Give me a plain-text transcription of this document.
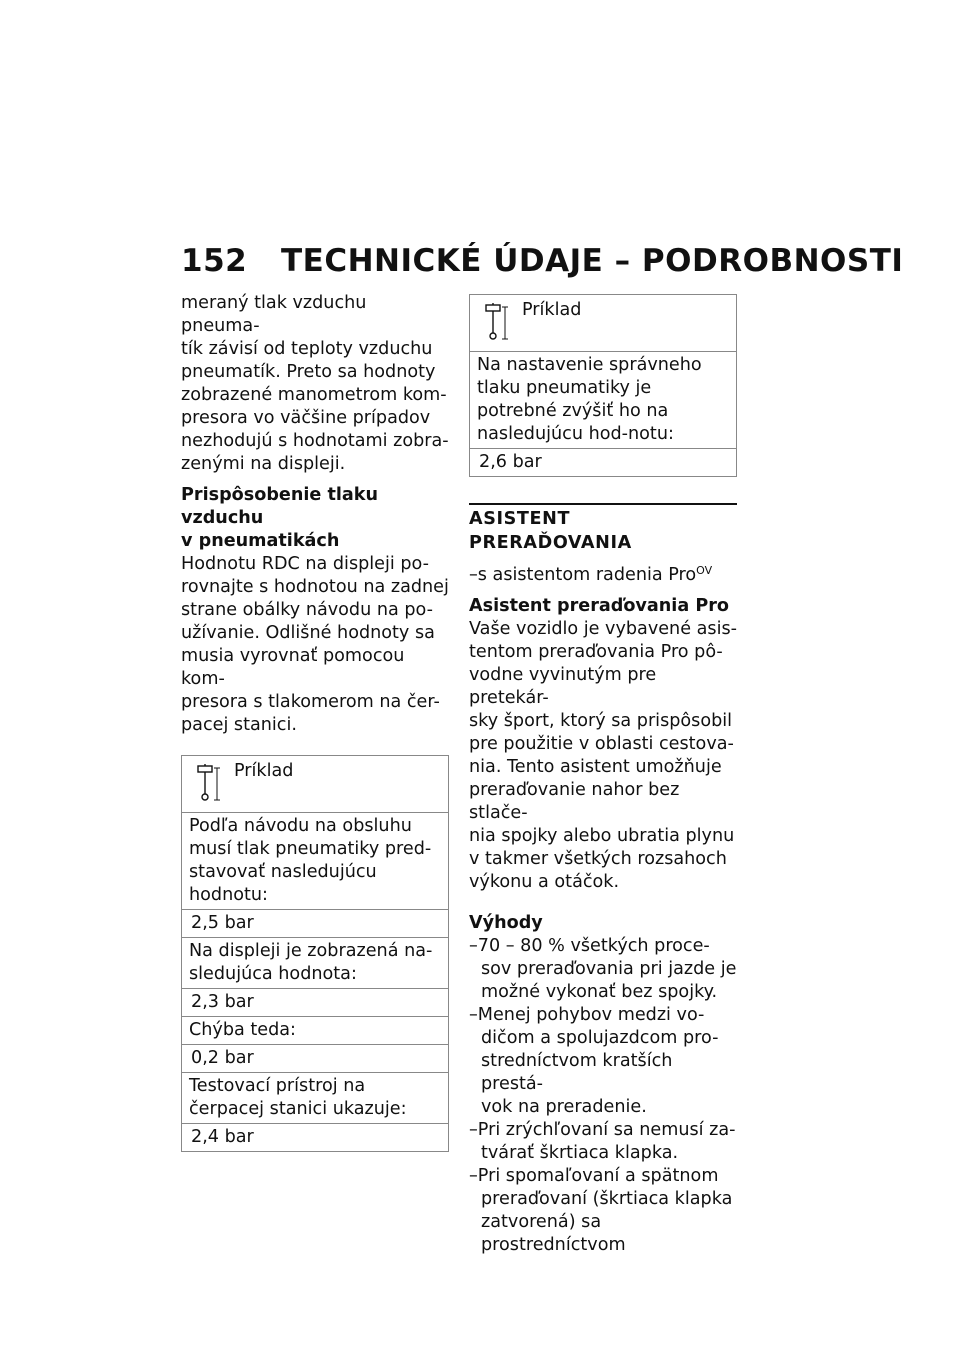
152 TECHNICKÉ ÚDAJE – PODROBNOSTI

meraný tlak vzduchu pneuma-

tík závisí od teploty vzduchu

pneumatík. Preto sa hodnoty

zobrazené manometrom kom-

presora vo väčšine prípadov

nezhodujú s hodnotami zobra-

zenými na displeji.

Prispôsobenie tlaku vzduchu

v pneumatikách

Hodnotu RDC na displeji po-

rovnajte s hodnotou na zadnej

strane obálky návodu na po-

užívanie. Odlišné hodnoty sa

musia vyrovnať pomocou kom-

presora s tlakomerom na čer-

pacej stanici.

Príklad
Podľa návodu na obsluhu musí tlak pneumatiky pred-stavovať nasledujúcu hodnotu:
2,5 bar
Na displeji je zobrazená na-sledujúca hodnota:
2,3 bar
Chýba teda:
0,2 bar
Testovací prístroj na čerpacej stanici ukazuje:
2,4 bar
Príklad
Na nastavenie správneho tlaku pneumatiky je potrebné zvýšiť ho na nasledujúcu hod-notu:
2,6 bar
ASISTENT PRERAĎOVANIA

–s asistentom radenia Pro$^{OV}$

Asistent preraďovania Pro

Vaše vozidlo je vybavené asis-

tentom preraďovania Pro pô-

vodne vyvinutým pre pretekár-

sky šport, ktorý sa prispôsobil

pre použitie v oblasti cestova-

nia. Tento asistent umožňuje

preraďovanie nahor bez stlače-

nia spojky alebo ubratia plynu

v takmer všetkých rozsahoch

výkonu a otáčok.

Výhody

–70 – 80 % všetkých proce-

sov preraďovania pri jazde je

možné vykonať bez spojky.

–Menej pohybov medzi vo-

dičom a spolujazdcom pro-

stredníctvom kratších prestá-

vok na preradenie.

–Pri zrýchľovaní sa nemusí za-

tvárať škrtiaca klapka.

–Pri spomaľovaní a spätnom

preraďovaní (škrtiaca klapka

zatvorená) sa prostredníctvom
